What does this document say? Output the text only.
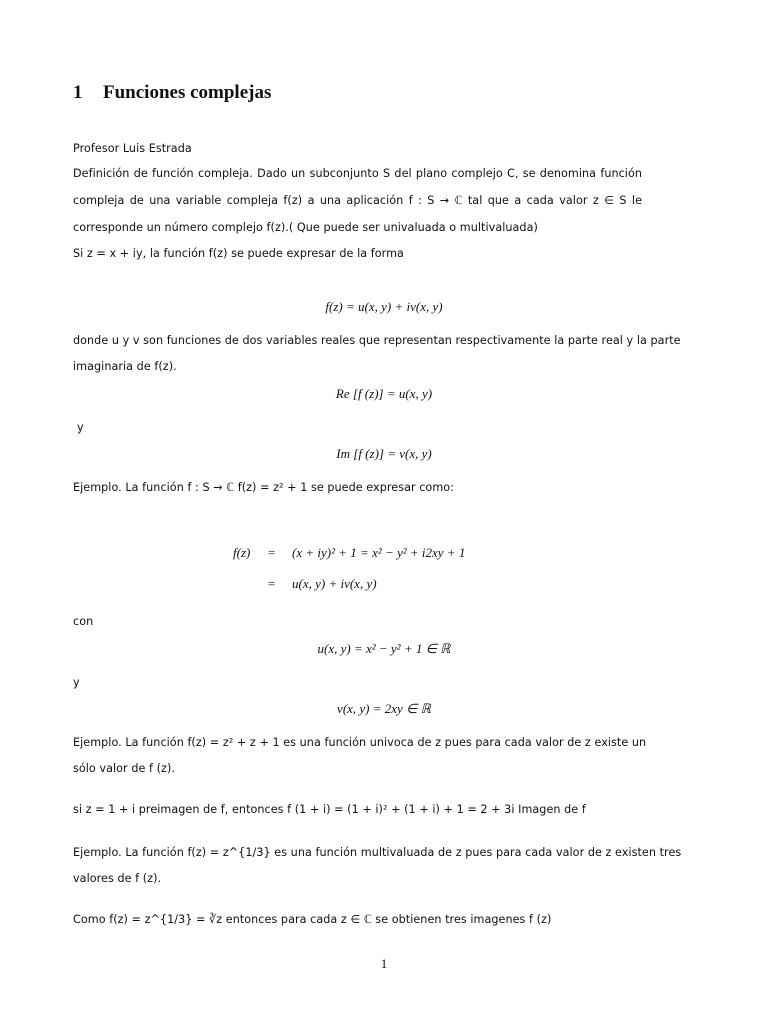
1 Funciones complejas
Profesor Luis Estrada
Definición de función compleja. Dado un subconjunto S del plano complejo C, se denomina función
compleja de una variable compleja f(z) a una aplicación f : S → ℂ tal que a cada valor z ∈ S le
corresponde un número complejo f(z).( Que puede ser univaluada o multivaluada)
Si z = x + iy, la función f(z) se puede expresar de la forma
f(z) = u(x, y) + iv(x, y)
donde u y v son funciones de dos variables reales que representan respectivamente la parte real y la parte
imaginaria de f(z).
Re [f (z)] = u(x, y)
y
Im [f (z)] = v(x, y)
Ejemplo. La función f : S → ℂ f(z) = z² + 1 se puede expresar como:
f(z) = (x + iy)² + 1 = x² − y² + i2xy + 1
= u(x, y) + iv(x, y)
con
u(x, y) = x² − y² + 1 ∈ ℝ
y
v(x, y) = 2xy ∈ ℝ
Ejemplo. La función f(z) = z² + z + 1 es una función univoca de z pues para cada valor de z existe un
sólo valor de f (z).
si z = 1 + i preimagen de f, entonces f (1 + i) = (1 + i)² + (1 + i) + 1 = 2 + 3i Imagen de f
Ejemplo. La función f(z) = z^{1/3} es una función multivaluada de z pues para cada valor de z existen tres
valores de f (z).
Como f(z) = z^{1/3} = ∛z entonces para cada z ∈ ℂ se obtienen tres imagenes f (z)
1
